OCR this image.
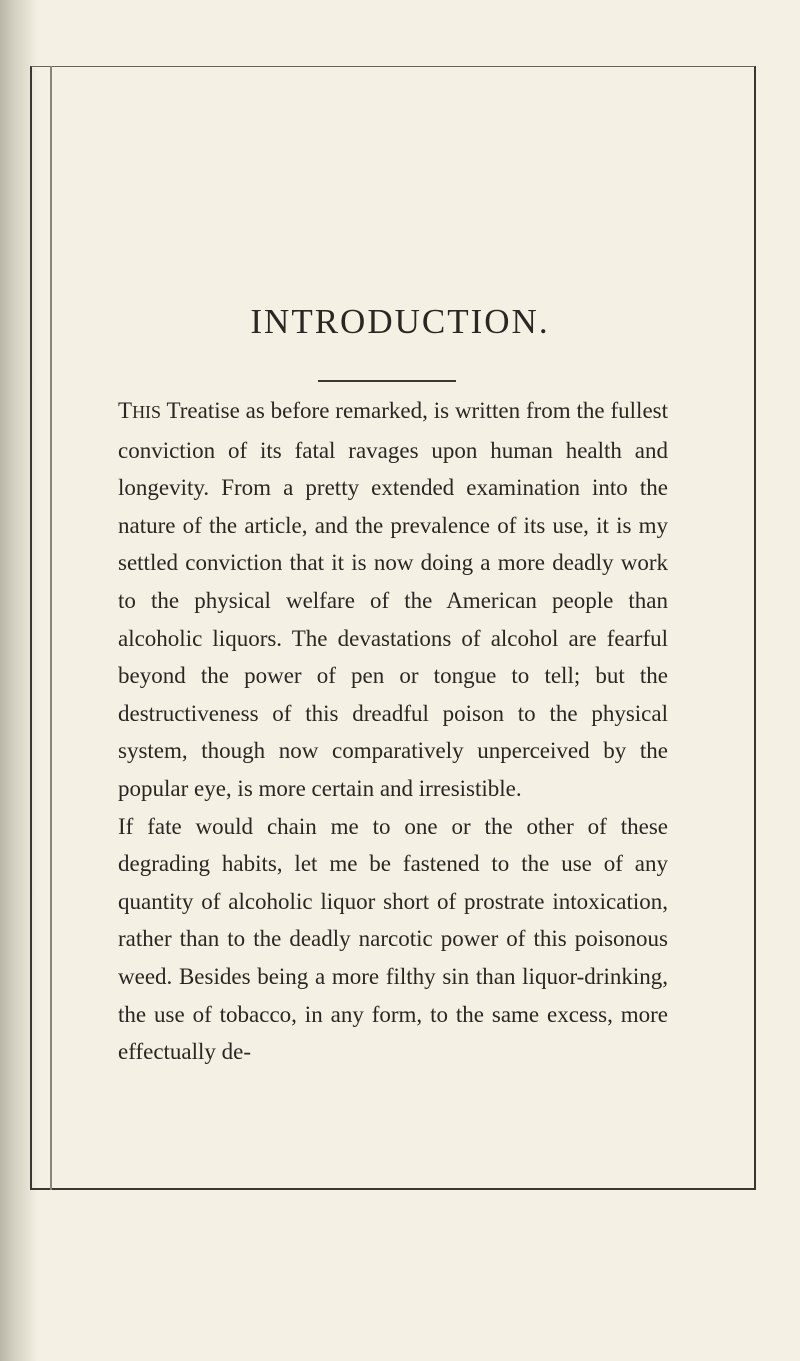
INTRODUCTION.

THIS Treatise as before remarked, is written from the fullest conviction of its fatal ravages upon human health and longevity. From a pretty extended examination into the nature of the article, and the prevalence of its use, it is my settled conviction that it is now doing a more deadly work to the physical welfare of the American people than alcoholic liquors. The devastations of alcohol are fearful beyond the power of pen or tongue to tell; but the destructiveness of this dreadful poison to the physical system, though now comparatively unperceived by the popular eye, is more certain and irresistible.

If fate would chain me to one or the other of these degrading habits, let me be fastened to the use of any quantity of alcoholic liquor short of prostrate intoxication, rather than to the deadly narcotic power of this poisonous weed. Besides being a more filthy sin than liquor-drinking, the use of tobacco, in any form, to the same excess, more effectually de-
